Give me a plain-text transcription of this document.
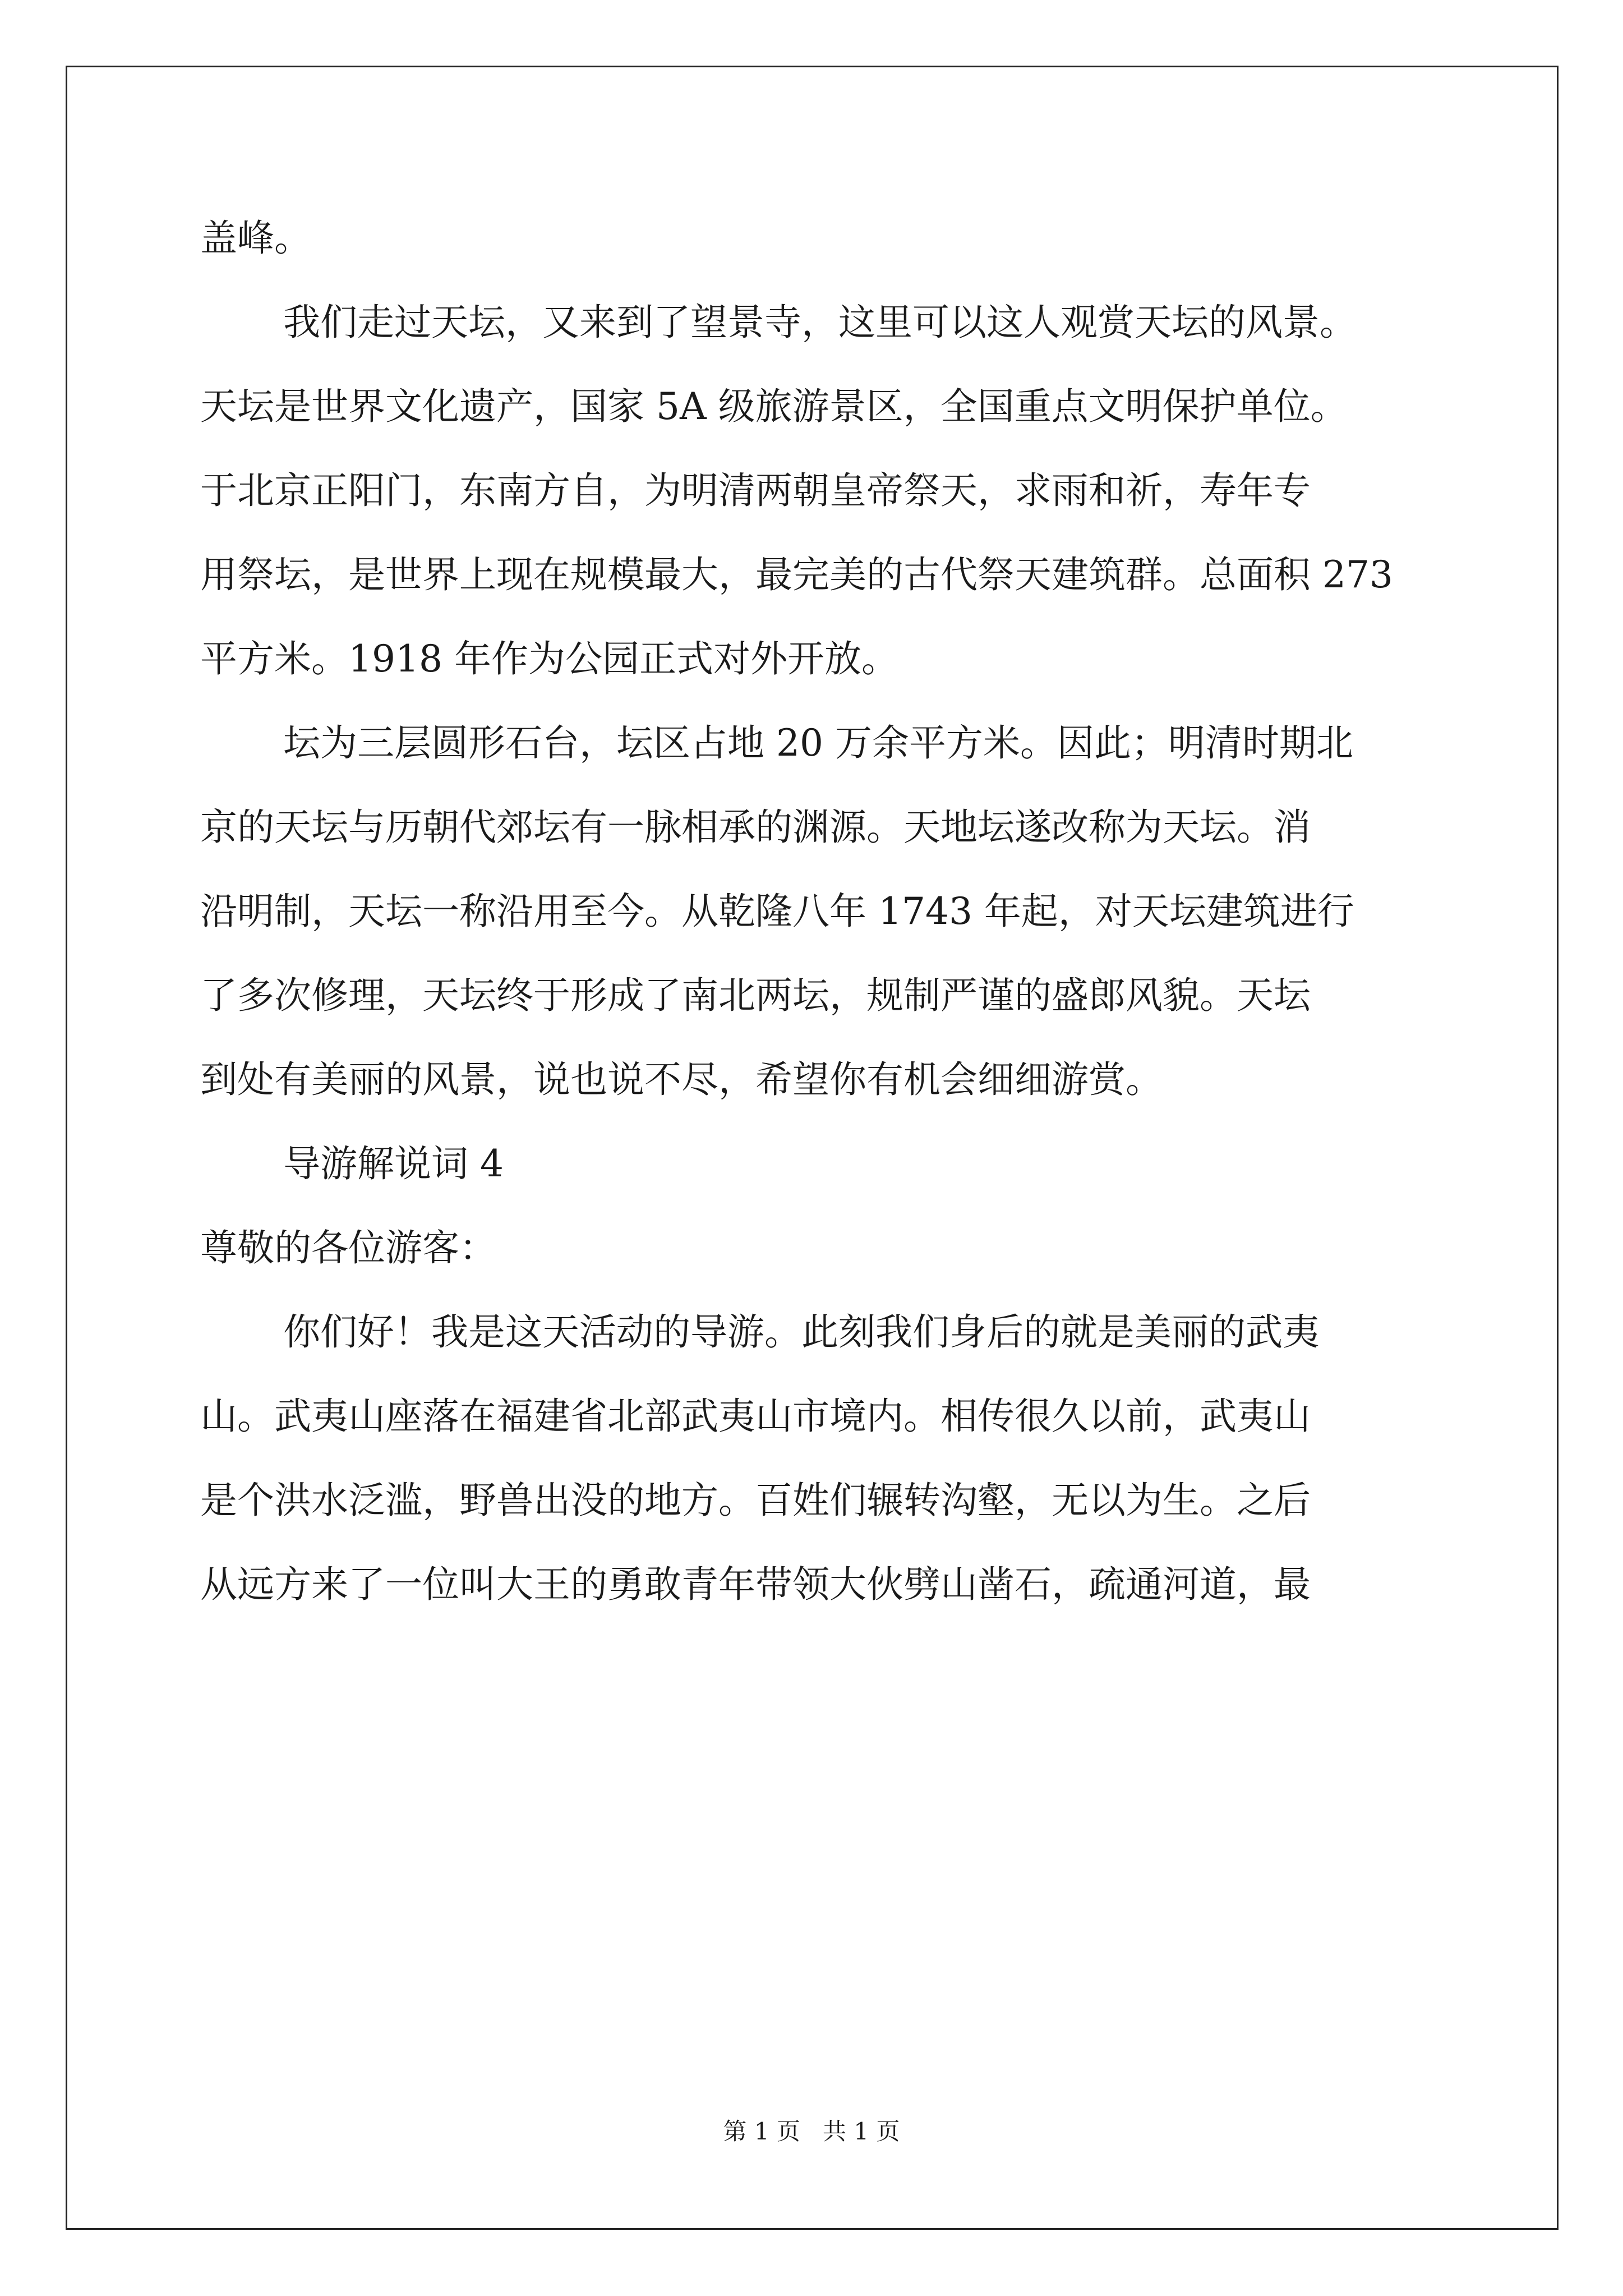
盖峰。
我们走过天坛，又来到了望景寺，这里可以这人观赏天坛的风景。
天坛是世界文化遗产，国家 5A 级旅游景区，全国重点文明保护单位。
于北京正阳门，东南方自，为明清两朝皇帝祭天，求雨和祈，寿年专
用祭坛，是世界上现在规模最大，最完美的古代祭天建筑群。总面积 273
平方米。1918 年作为公园正式对外开放。
坛为三层圆形石台，坛区占地 20 万余平方米。因此；明清时期北
京的天坛与历朝代郊坛有一脉相承的渊源。天地坛遂改称为天坛。消
沿明制，天坛一称沿用至今。从乾隆八年 1743 年起，对天坛建筑进行
了多次修理，天坛终于形成了南北两坛，规制严谨的盛郎风貌。天坛
到处有美丽的风景，说也说不尽，希望你有机会细细游赏。
导游解说词 4
尊敬的各位游客：
你们好！我是这天活动的导游。此刻我们身后的就是美丽的武夷
山。武夷山座落在福建省北部武夷山市境内。相传很久以前，武夷山
是个洪水泛滥，野兽出没的地方。百姓们辗转沟壑，无以为生。之后
从远方来了一位叫大王的勇敢青年带领大伙劈山凿石，疏通河道，最
第 1 页   共 1 页
